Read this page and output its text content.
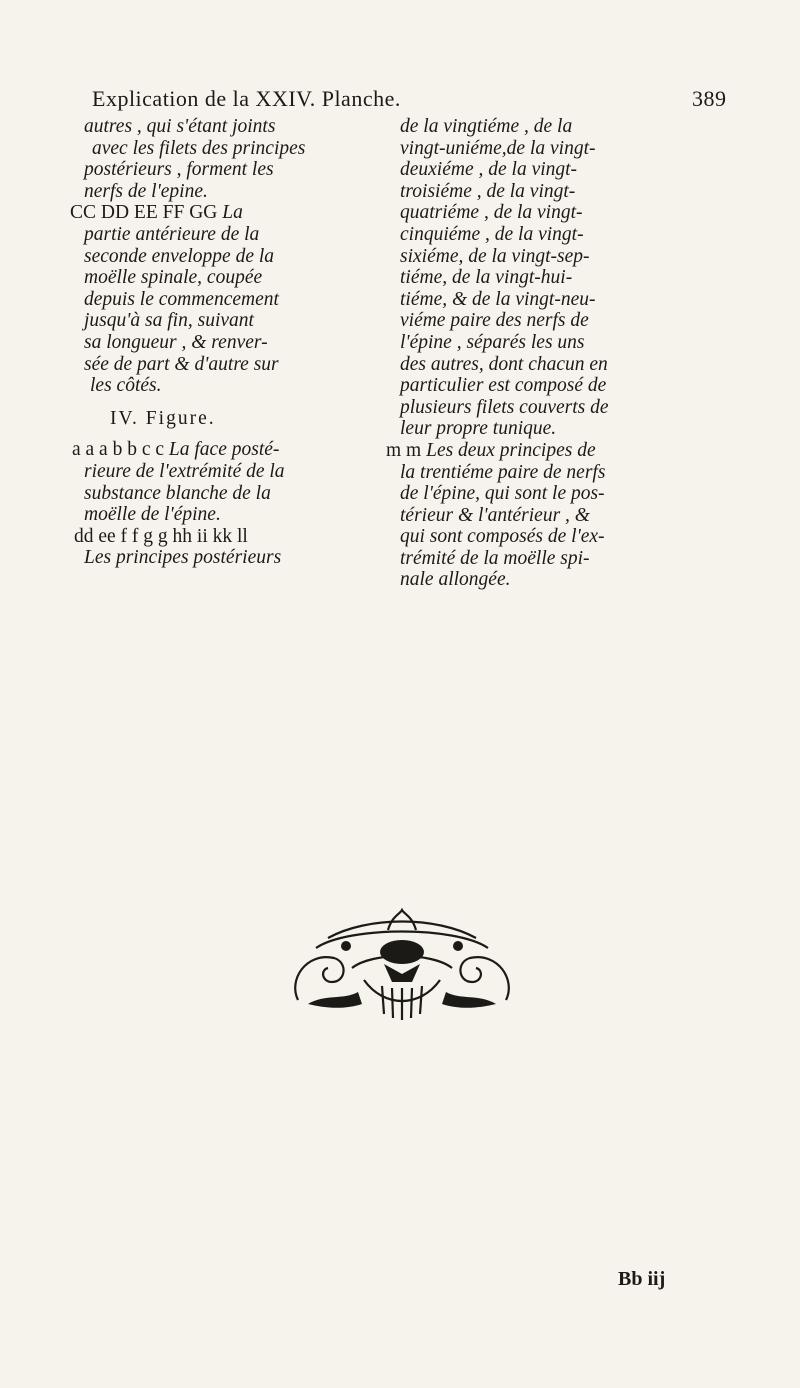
Explication de la XXIV. Planche.	389
autres , qui s'étant joints
avec les filets des principes
postérieurs , forment les
nerfs de l'epine.
CC DD EE FF GG La
partie antérieure de la
seconde enveloppe de la
moëlle spinale, coupée
depuis le commencement
jusqu'à sa fin, suivant
sa longueur , & renver-
sée de part & d'autre sur
les côtés.
IV. Figure.
a a a b b c c La face posté-
rieure de l'extrémité de la
substance blanche de la
moëlle de l'épine.
dd ee f f g g hh ii kk ll
Les principes postérieurs
de la vingtiéme , de la
vingt-uniéme,de la vingt-
deuxiéme , de la vingt-
troisiéme , de la vingt-
quatriéme , de la vingt-
cinquiéme , de la vingt-
sixiéme, de la vingt-sep-
tiéme, de la vingt-hui-
tiéme, & de la vingt-neu-
viéme paire des nerfs de
l'épine , séparés les uns
des autres, dont chacun en
particulier est composé de
plusieurs filets couverts de
leur propre tunique.
m m Les deux principes de
la trentiéme paire de nerfs
de l'épine, qui sont le pos-
térieur & l'antérieur , &
qui sont composés de l'ex-
trémité de la moëlle spi-
nale allongée.
Bb iij
